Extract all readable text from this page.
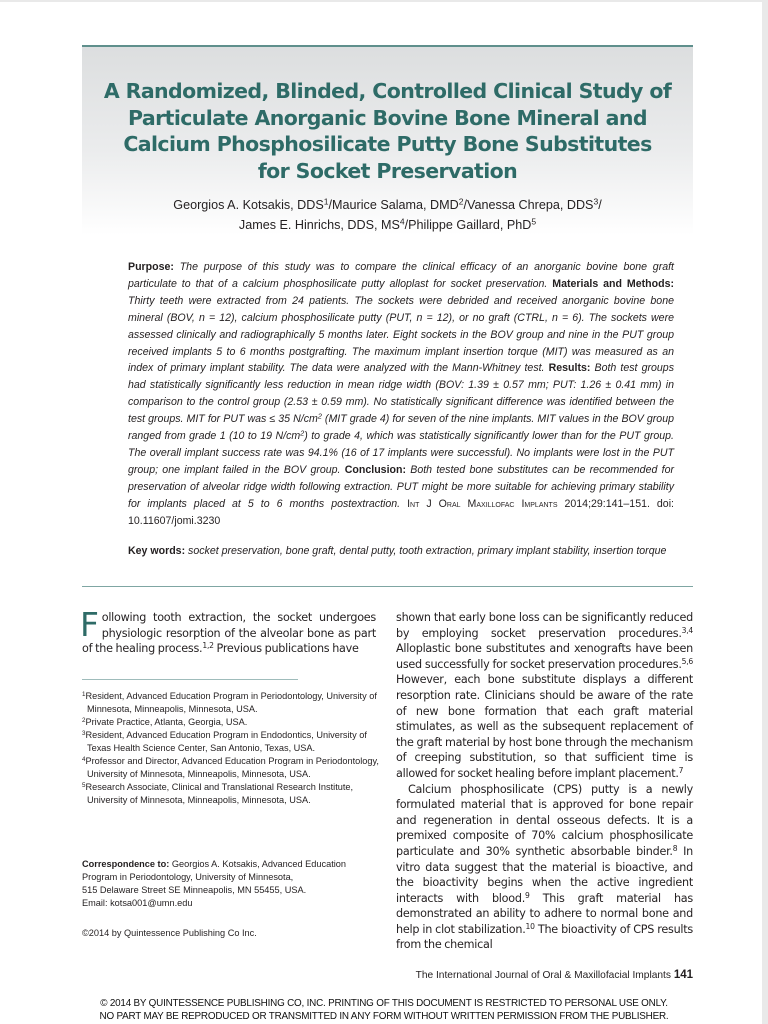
A Randomized, Blinded, Controlled Clinical Study of
Particulate Anorganic Bovine Bone Mineral and
Calcium Phosphosilicate Putty Bone Substitutes
for Socket Preservation
Georgios A. Kotsakis, DDS$^1$/Maurice Salama, DMD$^2$/Vanessa Chrepa, DDS$^3$/
James E. Hinrichs, DDS, $MS^4$/Philippe Gaillard, PhD$^5$
Purpose: The purpose of this study was to compare the clinical efficacy of an anorganic bovine bone graft particulate to that of a calcium phosphosilicate putty alloplast for socket preservation. Materials and Methods: Thirty teeth were extracted from 24 patients. The sockets were debrided and received anorganic bovine bone mineral (BOV, n = 12), calcium phosphosilicate putty (PUT, n = 12), or no graft (CTRL, n = 6). The sockets were assessed clinically and radiographically 5 months later. Eight sockets in the BOV group and nine in the PUT group received implants 5 to 6 months postgrafting. The maximum implant insertion torque (MIT) was measured as an index of primary implant stability. The data were analyzed with the Mann-Whitney test. Results: Both test groups had statistically significantly less reduction in mean ridge width (BOV: 1.39 ± 0.57 mm; PUT: 1.26 ± 0.41 mm) in comparison to the control group (2.53 ± 0.59 mm). No statistically significant difference was identified between the test groups. MIT for PUT was ≤ 35 $N/cm^2$ (MIT grade 4) for seven of the nine implants. MIT values in the BOV group ranged from grade 1 (10 to 19 $N/cm^2$) to grade 4, which was statistically significantly lower than for the PUT group. The overall implant success rate was 94.1% (16 of 17 implants were successful). No implants were lost in the PUT group; one implant failed in the BOV group. Conclusion: Both tested bone substitutes can be recommended for preservation of alveolar ridge width following extraction. PUT might be more suitable for achieving primary stability for implants placed at 5 to 6 months postextraction. Int J Oral Maxillofac Implants 2014;29:141–151. doi: 10.11607/jomi.3230
Key words: socket preservation, bone graft, dental putty, tooth extraction, primary implant stability, insertion torque
Following tooth extraction, the socket undergoes physiologic resorption of the alveolar bone as part of the healing process.$^{1,2}$ Previous publications have
$^1$Resident, Advanced Education Program in Periodontology, University of Minnesota, Minneapolis, Minnesota, USA.
$^2$Private Practice, Atlanta, Georgia, USA.
$^3$Resident, Advanced Education Program in Endodontics, University of Texas Health Science Center, San Antonio, Texas, USA.
$^4$Professor and Director, Advanced Education Program in Periodontology, University of Minnesota, Minneapolis, Minnesota, USA.
$^5$Research Associate, Clinical and Translational Research Institute, University of Minnesota, Minneapolis, Minnesota, USA.
Correspondence to: Georgios A. Kotsakis, Advanced Education Program in Periodontology, University of Minnesota,
515 Delaware Street SE Minneapolis, MN 55455, USA.
Email: kotsa001@umn.edu
©2014 by Quintessence Publishing Co Inc.
shown that early bone loss can be significantly reduced by employing socket preservation procedures.$^{3,4}$ Alloplastic bone substitutes and xenografts have been used successfully for socket preservation procedures.$^{5,6}$ However, each bone substitute displays a different resorption rate. Clinicians should be aware of the rate of new bone formation that each graft material stimulates, as well as the subsequent replacement of the graft material by host bone through the mechanism of creeping substitution, so that sufficient time is allowed for socket healing before implant placement.$^7$
Calcium phosphosilicate (CPS) putty is a newly formulated material that is approved for bone repair and regeneration in dental osseous defects. It is a premixed composite of 70% calcium phosphosilicate particulate and 30% synthetic absorbable binder.$^8$ In vitro data suggest that the material is bioactive, and the bioactivity begins when the active ingredient interacts with blood.$^9$ This graft material has demonstrated an ability to adhere to normal bone and help in clot stabilization.$^{10}$ The bioactivity of CPS results from the chemical
The International Journal of Oral & Maxillofacial Implants 141
© 2014 BY QUINTESSENCE PUBLISHING CO, INC. PRINTING OF THIS DOCUMENT IS RESTRICTED TO PERSONAL USE ONLY.
NO PART MAY BE REPRODUCED OR TRANSMITTED IN ANY FORM WITHOUT WRITTEN PERMISSION FROM THE PUBLISHER.
